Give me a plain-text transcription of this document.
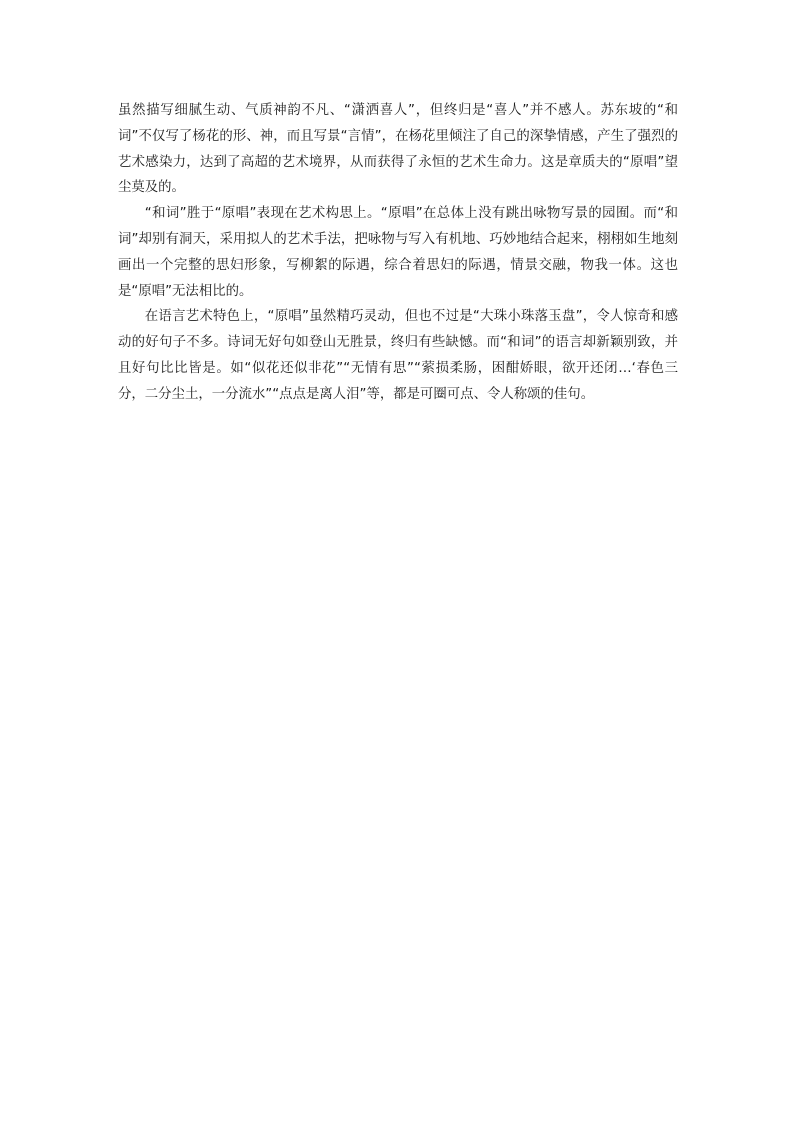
虽然描写细腻生动、气质神韵不凡、“潇洒喜人”，但终归是“喜人”并不感人。苏东坡的“和词”不仅写了杨花的形、神，而且写景“言情”，在杨花里倾注了自己的深挚情感，产生了强烈的艺术感染力，达到了高超的艺术境界，从而获得了永恒的艺术生命力。这是章质夫的“原唱”望尘莫及的。

“和词”胜于“原唱”表现在艺术构思上。“原唱”在总体上没有跳出咏物写景的园囿。而“和词”却别有洞天，采用拟人的艺术手法，把咏物与写入有机地、巧妙地结合起来，栩栩如生地刻画出一个完整的思妇形象，写柳絮的际遇，综合着思妇的际遇，情景交融，物我一体。这也是“原唱”无法相比的。

在语言艺术特色上，“原唱”虽然精巧灵动，但也不过是“大珠小珠落玉盘”，令人惊奇和感动的好句子不多。诗词无好句如登山无胜景，终归有些缺憾。而“和词”的语言却新颖别致，并且好句比比皆是。如“似花还似非花”“无情有思”“萦损柔肠，困酣娇眼，欲开还闭…‘春色三分，二分尘土，一分流水”“点点是离人泪”等，都是可圈可点、令人称颂的佳句。
